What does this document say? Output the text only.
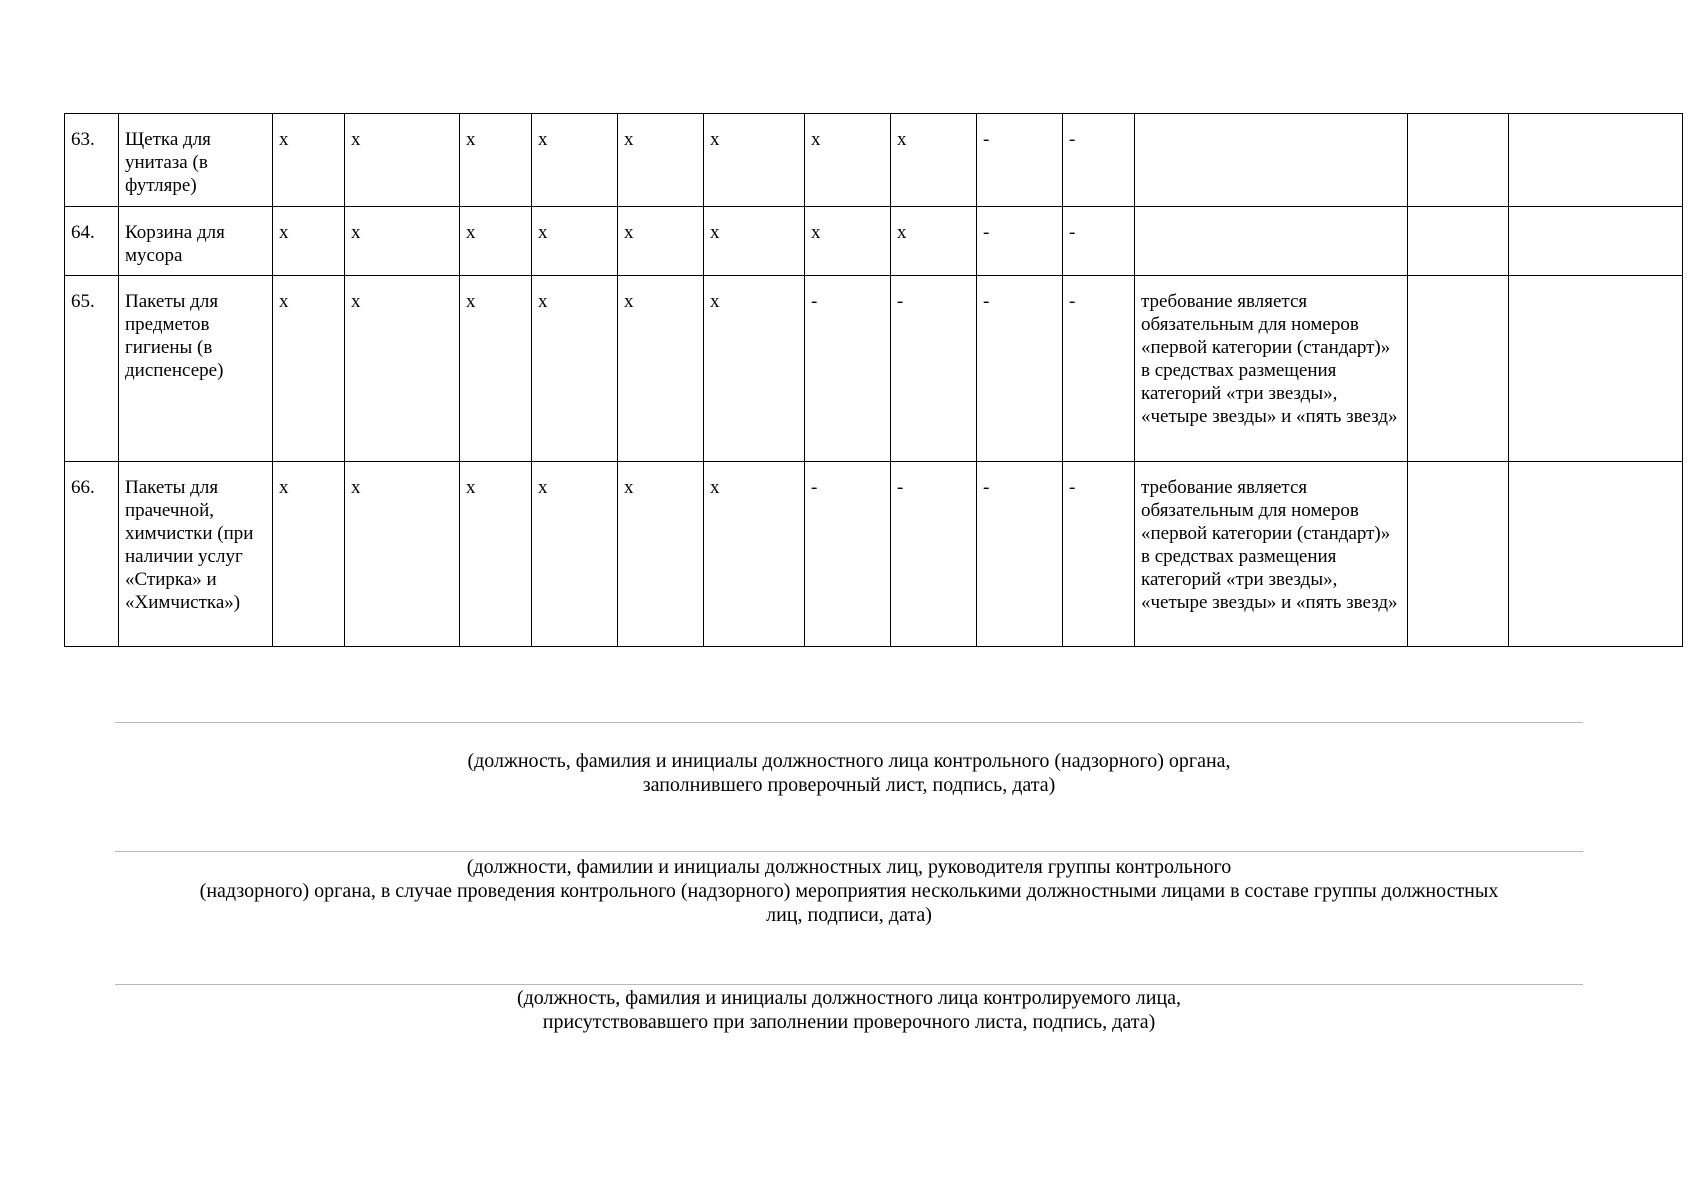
63.	Щетка для унитаза (в футляре)	х	х	х	х	х	х	х	х	-	-			
64.	Корзина для мусора	х	х	х	х	х	х	х	х	-	-			
65.	Пакеты для предметов гигиены (в диспенсере)	х	х	х	х	х	х	-	-	-	-	требование является обязательным для номеров «первой категории (стандарт)» в средствах размещения категорий «три звезды», «четыре звезды» и «пять звезд»		
66.	Пакеты для прачечной, химчистки (при наличии услуг «Стирка» и «Химчистка»)	х	х	х	х	х	х	-	-	-	-	требование является обязательным для номеров «первой категории (стандарт)» в средствах размещения категорий «три звезды», «четыре звезды» и «пять звезд»		
(должность, фамилия и инициалы должностного лица контрольного (надзорного) органа,
заполнившего проверочный лист, подпись, дата)
(должности, фамилии и инициалы должностных лиц, руководителя группы контрольного
(надзорного) органа, в случае проведения контрольного (надзорного) мероприятия несколькими должностными лицами в составе группы должностных
лиц, подписи, дата)
(должность, фамилия и инициалы должностного лица контролируемого лица,
присутствовавшего при заполнении проверочного листа, подпись, дата)
